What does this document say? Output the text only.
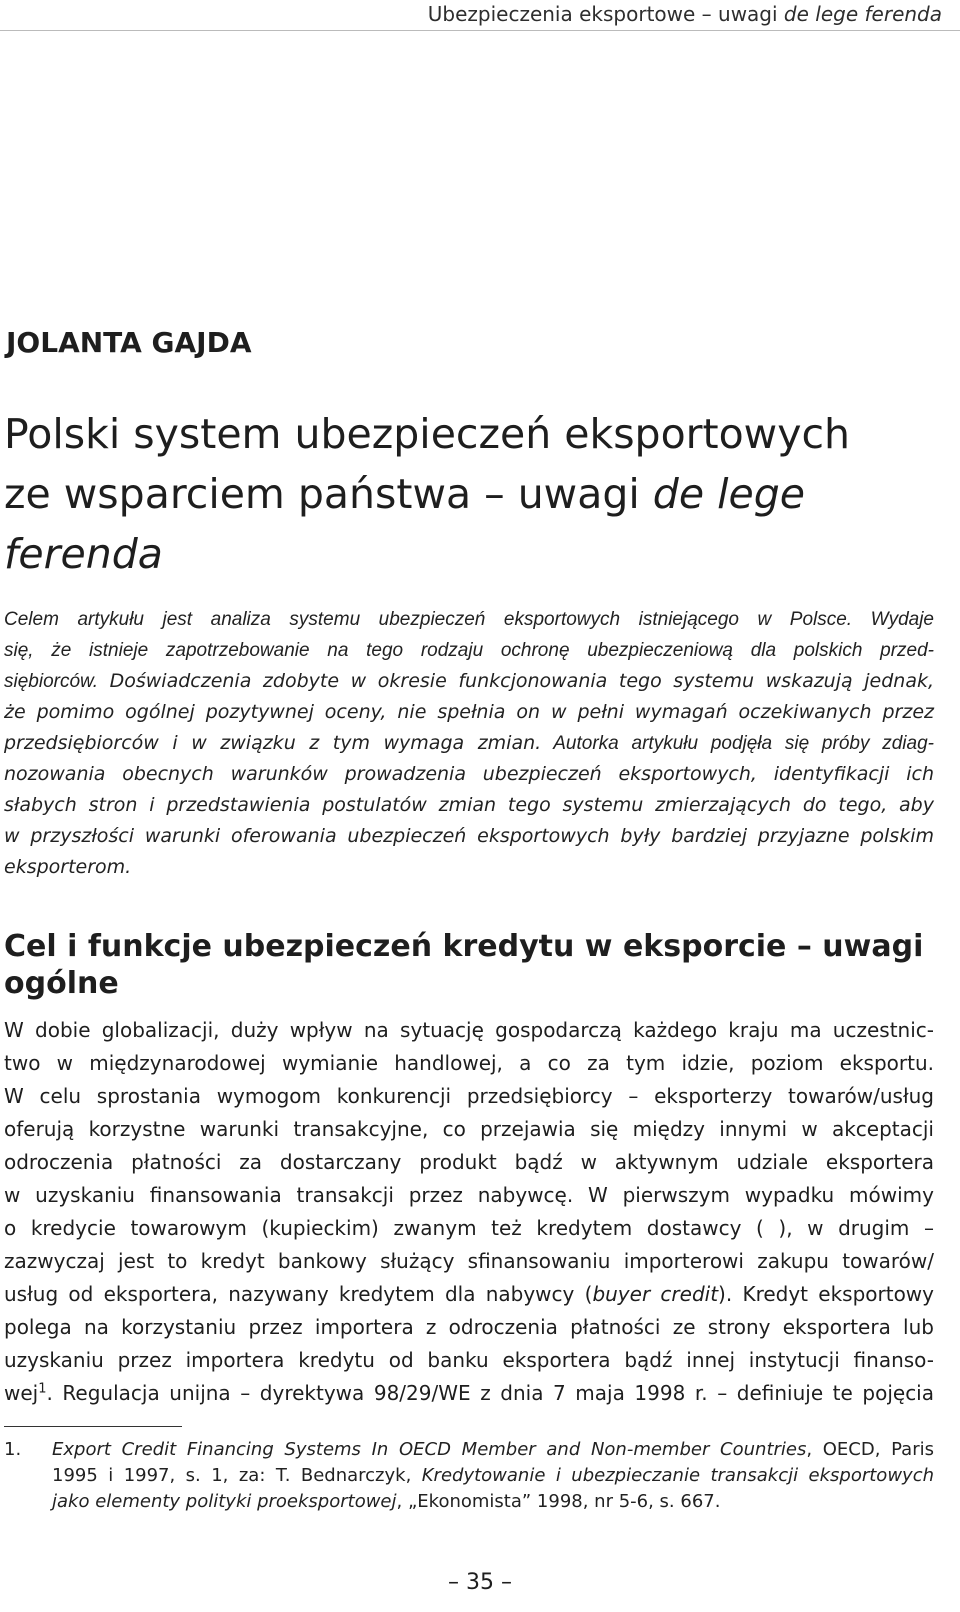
Ubezpieczenia eksportowe – uwagi de lege ferenda
JOLANTA GAJDA
Polski system ubezpieczeń eksportowych
ze wsparciem państwa – uwagi de lege
ferenda
Celem artykułu jest analiza systemu ubezpieczeń eksportowych istniejącego w Polsce. Wydaje
się, że istnieje zapotrzebowanie na tego rodzaju ochronę ubezpieczeniową dla polskich przed-
siębiorców. Doświadczenia zdobyte w okresie funkcjonowania tego systemu wskazują jednak,
że pomimo ogólnej pozytywnej oceny, nie spełnia on w pełni wymagań oczekiwanych przez
przedsiębiorców i w związku z tym wymaga zmian. Autorka artykułu podjęła się próby zdiag-
nozowania obecnych warunków prowadzenia ubezpieczeń eksportowych, identyfikacji ich
słabych stron i przedstawienia postulatów zmian tego systemu zmierzających do tego, aby
w przyszłości warunki oferowania ubezpieczeń eksportowych były bardziej przyjazne polskim
eksporterom.
Cel i funkcje ubezpieczeń kredytu w eksporcie – uwagi
ogólne
W dobie globalizacji, duży wpływ na sytuację gospodarczą każdego kraju ma uczestnic-
two w międzynarodowej wymianie handlowej, a co za tym idzie, poziom eksportu.
W celu sprostania wymogom konkurencji przedsiębiorcy – eksporterzy towarów/usług
oferują korzystne warunki transakcyjne, co przejawia się między innymi w akceptacji
odroczenia płatności za dostarczany produkt bądź w aktywnym udziale eksportera
w uzyskaniu finansowania transakcji przez nabywcę. W pierwszym wypadku mówimy
o kredycie towarowym (kupieckim) zwanym też kredytem dostawcy ( ), w drugim –
zazwyczaj jest to kredyt bankowy służący sfinansowaniu importerowi zakupu towarów/
usług od eksportera, nazywany kredytem dla nabywcy (buyer credit). Kredyt eksportowy
polega na korzystaniu przez importera z odroczenia płatności ze strony eksportera lub
uzyskaniu przez importera kredytu od banku eksportera bądź innej instytucji finanso-
wej$^1$. Regulacja unijna – dyrektywa 98/29/WE z dnia 7 maja 1998 r. – definiuje te pojęcia
1. Export Credit Financing Systems In OECD Member and Non-member Countries, OECD, Paris
1995 i 1997, s. 1, za: T. Bednarczyk, Kredytowanie i ubezpieczanie transakcji eksportowych
jako elementy polityki proeksportowej, „Ekonomista” 1998, nr 5-6, s. 667.
– 35 –
